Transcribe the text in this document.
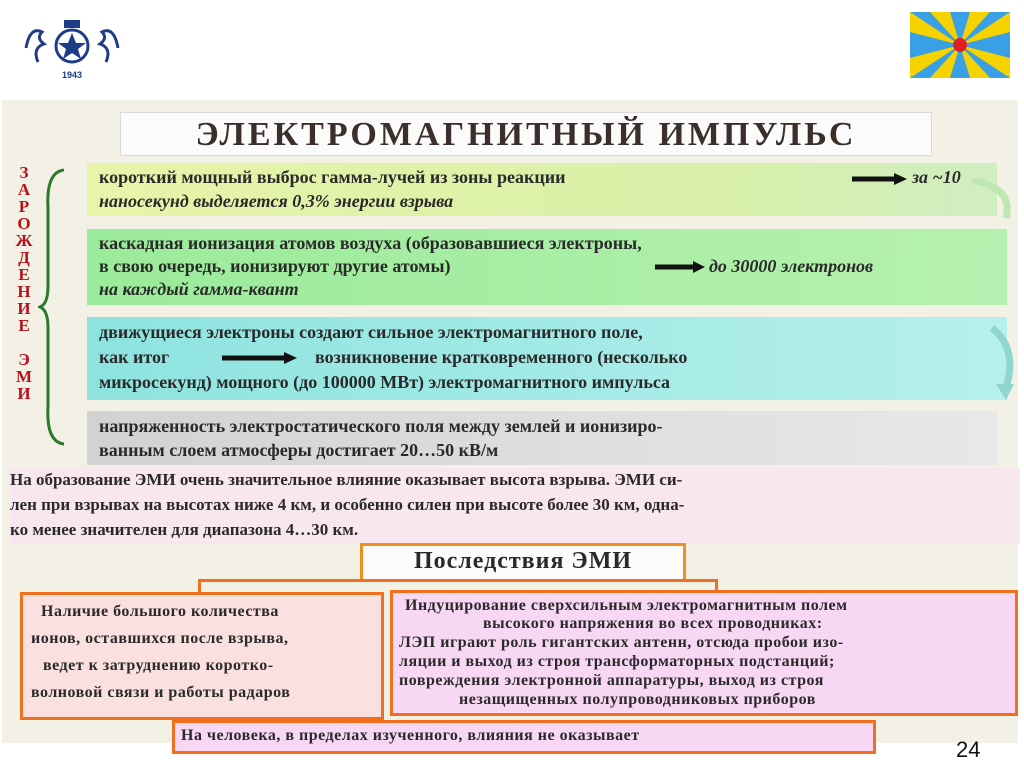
1943
ЭЛЕКТРОМАГНИТНЫЙ ИМПУЛЬС
З
А
Р
О
Ж
Д
Е
Н
И
Е
Э
М
И
короткий мощный выброс гамма-лучей из зоны реакции	за ~10
наносекунд выделяется 0,3% энергии взрыва
каскадная ионизация атомов воздуха (образовавшиеся электроны,
в свою очередь, ионизируют другие атомы)	до 30000 электронов
на каждый гамма-квант
движущиеся электроны создают сильное электромагнитного поле,
как итог	возникновение кратковременного (несколько
микросекунд) мощного (до 100000 МВт) электромагнитного импульса
напряженность электростатического поля между землей и ионизиро-
ванным слоем атмосферы достигает 20…50 кВ/м
На образование ЭМИ очень значительное влияние оказывает высота взрыва. ЭМИ си-
лен при взрывах на высотах ниже 4 км, и особенно силен при высоте более 30 км, одна-
ко менее значителен для диапазона 4…30 км.
Последствия ЭМИ
Наличие большого количества
ионов, оставшихся после взрыва,
ведет к затруднению коротко-
волновой связи и работы радаров
Индуцирование сверхсильным электромагнитным полем
высокого напряжения во всех проводниках:
ЛЭП играют роль гигантских антенн, отсюда пробои изо-
ляции и выход из строя трансформаторных подстанций;
повреждения электронной аппаратуры, выход из строя
незащищенных полупроводниковых приборов
На человека, в пределах изученного, влияния не оказывает
24
